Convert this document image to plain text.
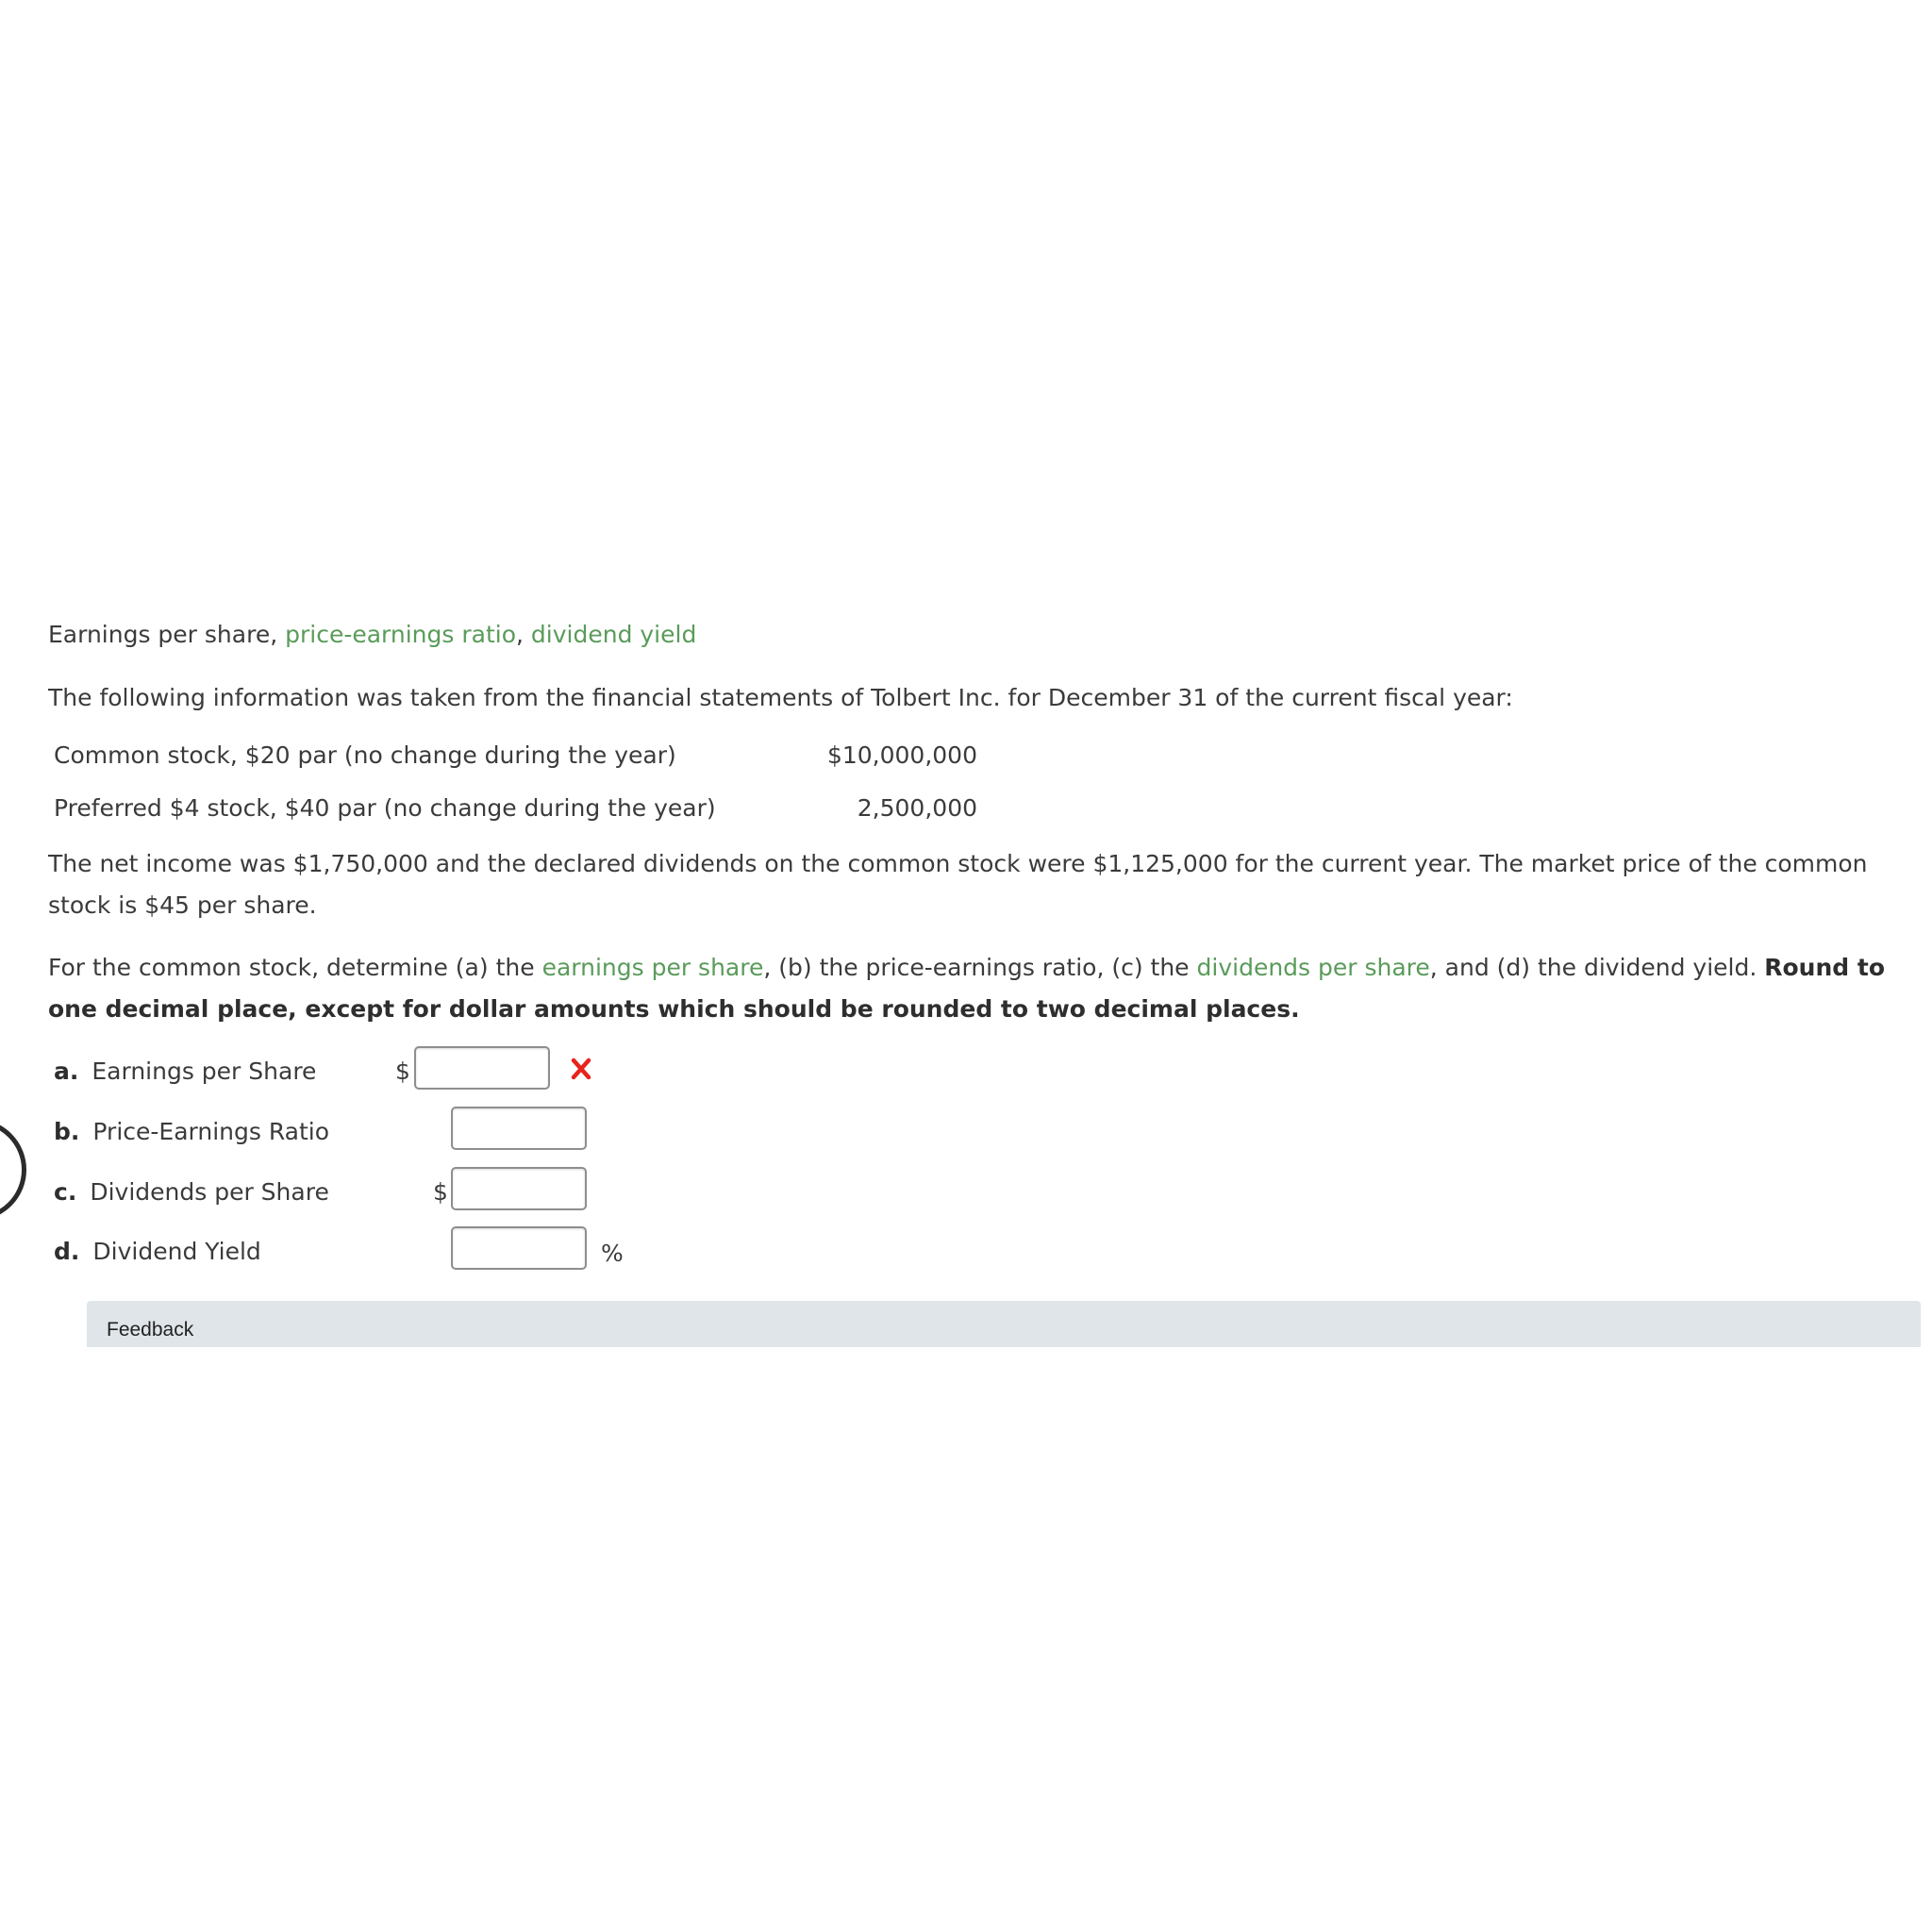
Earnings per share, price-earnings ratio, dividend yield
The following information was taken from the financial statements of Tolbert Inc. for December 31 of the current fiscal year:
Common stock, $20 par (no change during the year)	$10,000,000
Preferred $4 stock, $40 par (no change during the year)	2,500,000
The net income was $1,750,000 and the declared dividends on the common stock were $1,125,000 for the current year. The market price of the common stock is $45 per share.
For the common stock, determine (a) the earnings per share, (b) the price-earnings ratio, (c) the dividends per share, and (d) the dividend yield. Round to one decimal place, except for dollar amounts which should be rounded to two decimal places.
a. Earnings per Share	$
b. Price-Earnings Ratio
c. Dividends per Share	$
d. Dividend Yield	%
Feedback
